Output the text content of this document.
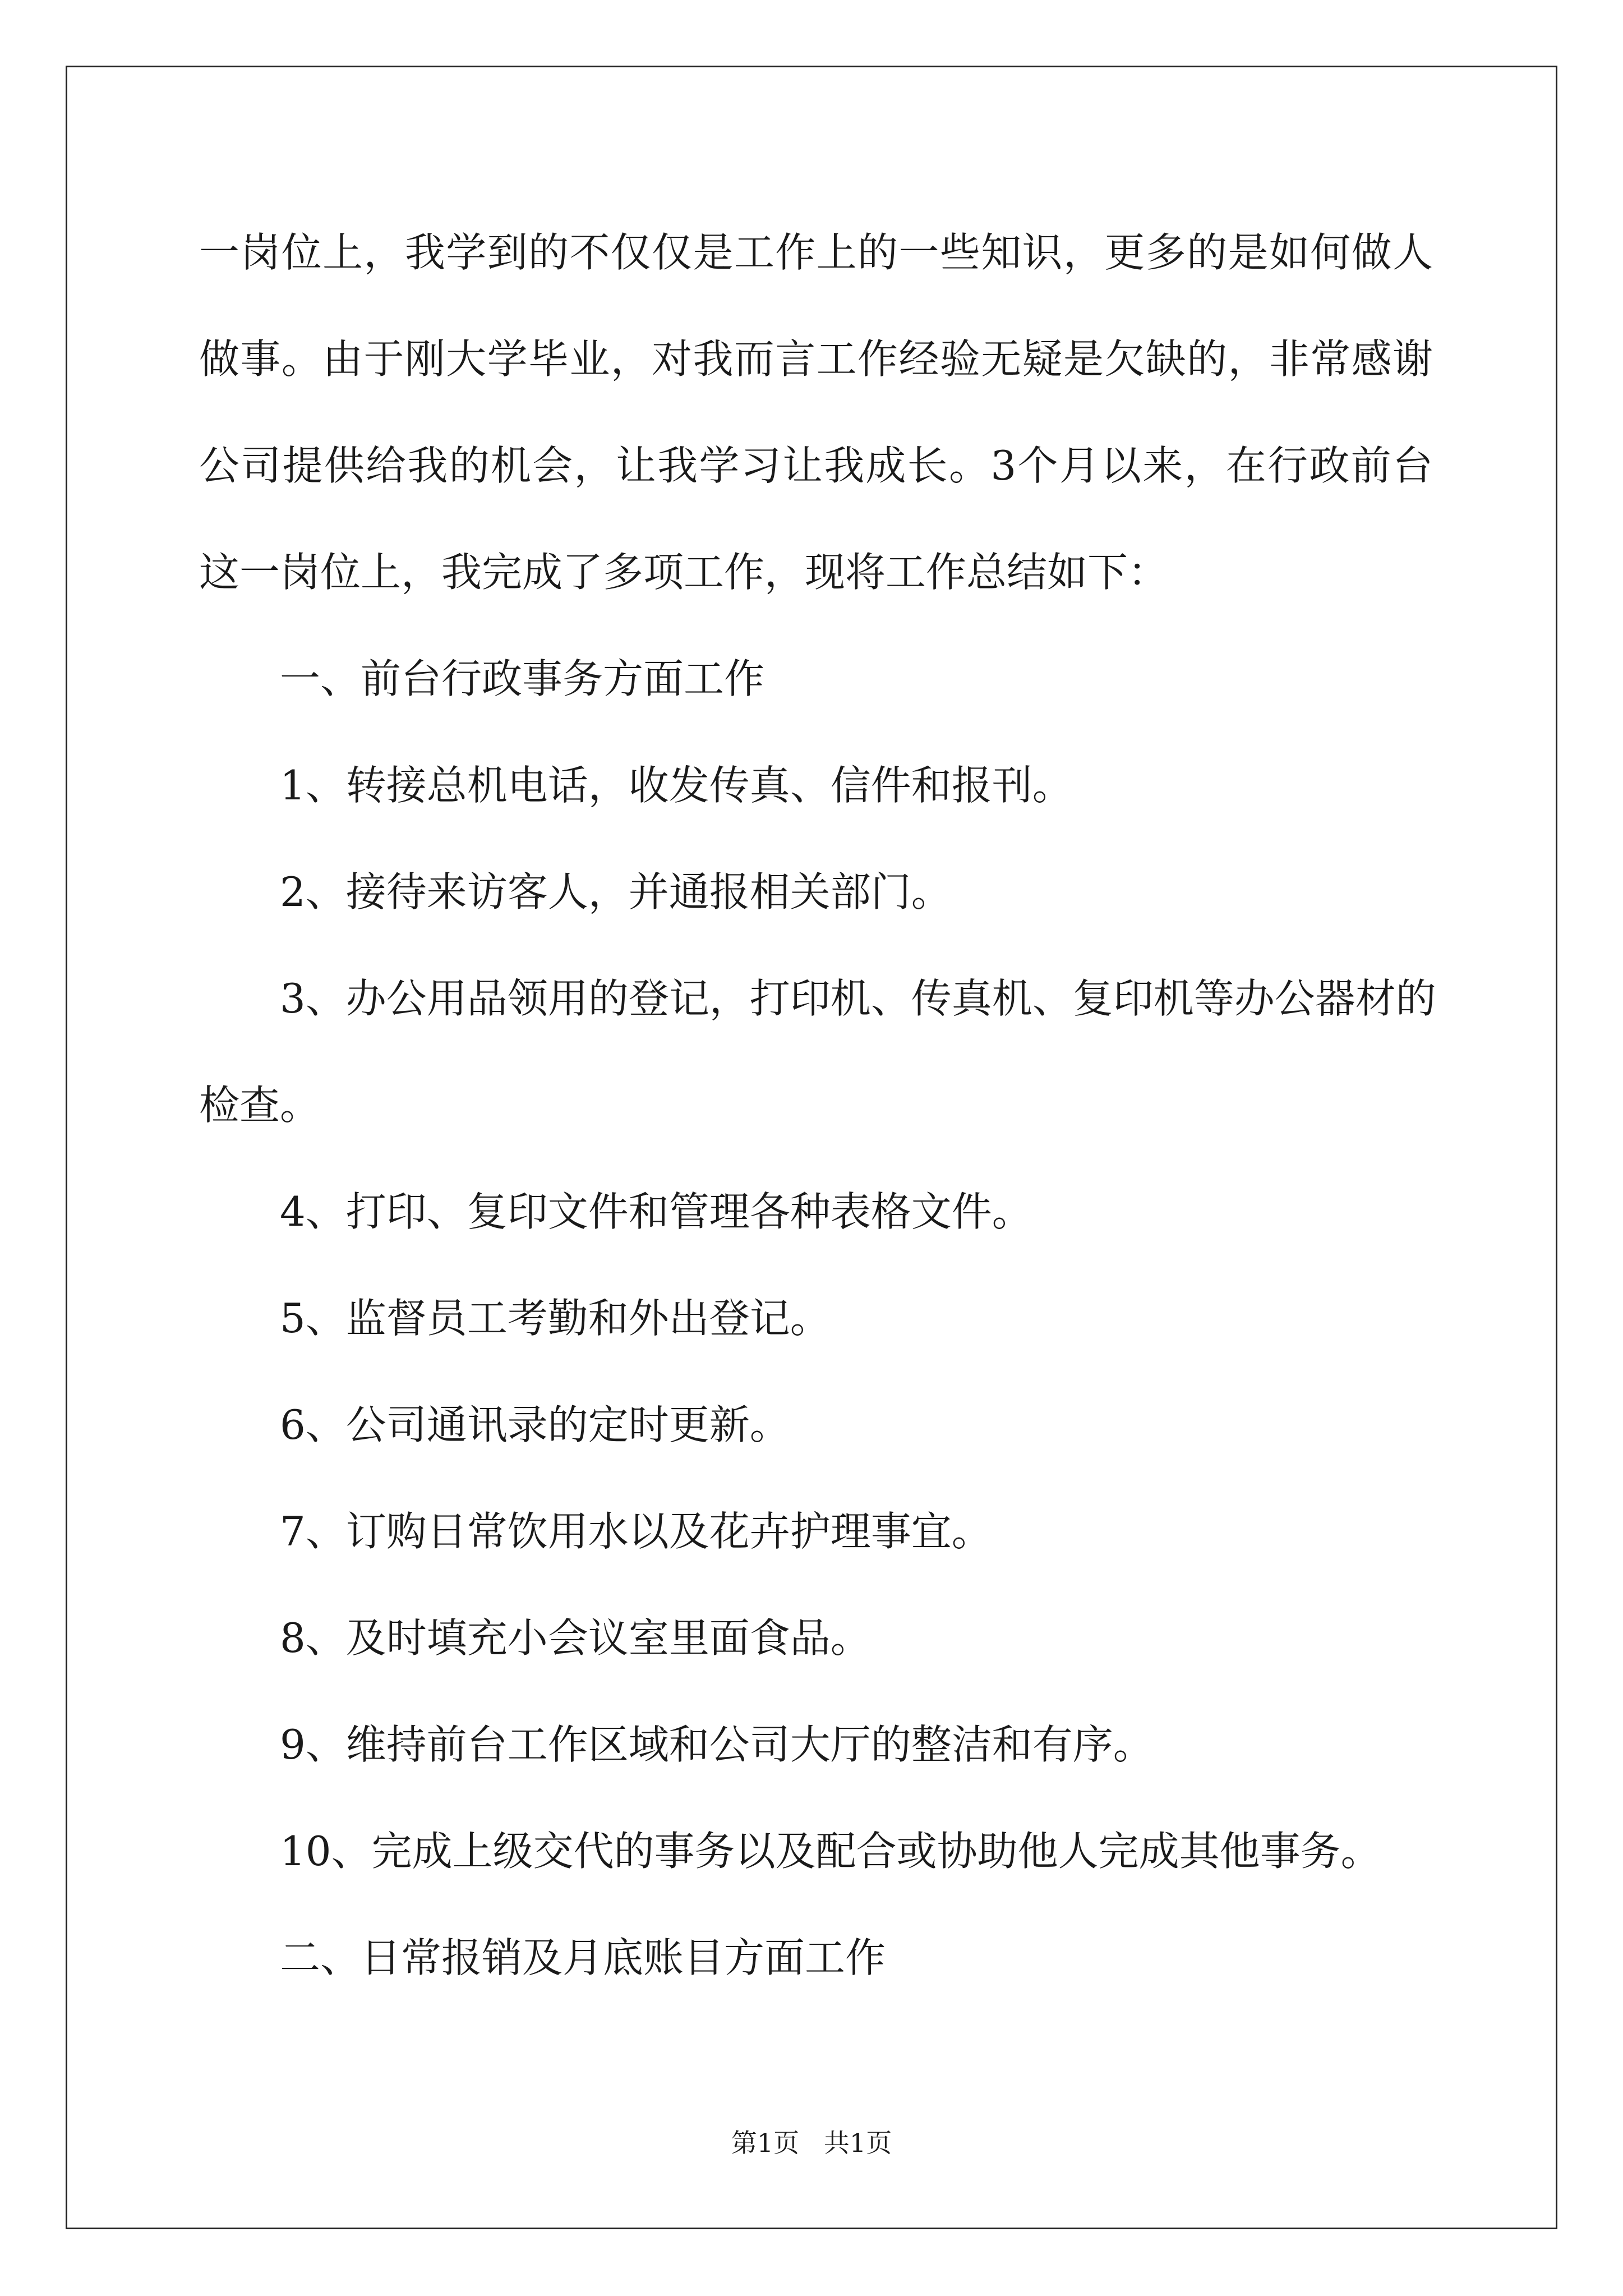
一岗位上，我学到的不仅仅是工作上的一些知识，更多的是如何做人
做事。由于刚大学毕业，对我而言工作经验无疑是欠缺的，非常感谢
公司提供给我的机会，让我学习让我成长。3个月以来，在行政前台
这一岗位上，我完成了多项工作，现将工作总结如下：
一、前台行政事务方面工作
1、转接总机电话，收发传真、信件和报刊。
2、接待来访客人，并通报相关部门。
3、办公用品领用的登记，打印机、传真机、复印机等办公器材的
检查。
4、打印、复印文件和管理各种表格文件。
5、监督员工考勤和外出登记。
6、公司通讯录的定时更新。
7、订购日常饮用水以及花卉护理事宜。
8、及时填充小会议室里面食品。
9、维持前台工作区域和公司大厅的整洁和有序。
10、完成上级交代的事务以及配合或协助他人完成其他事务。
二、日常报销及月底账目方面工作
第1页   共1页
